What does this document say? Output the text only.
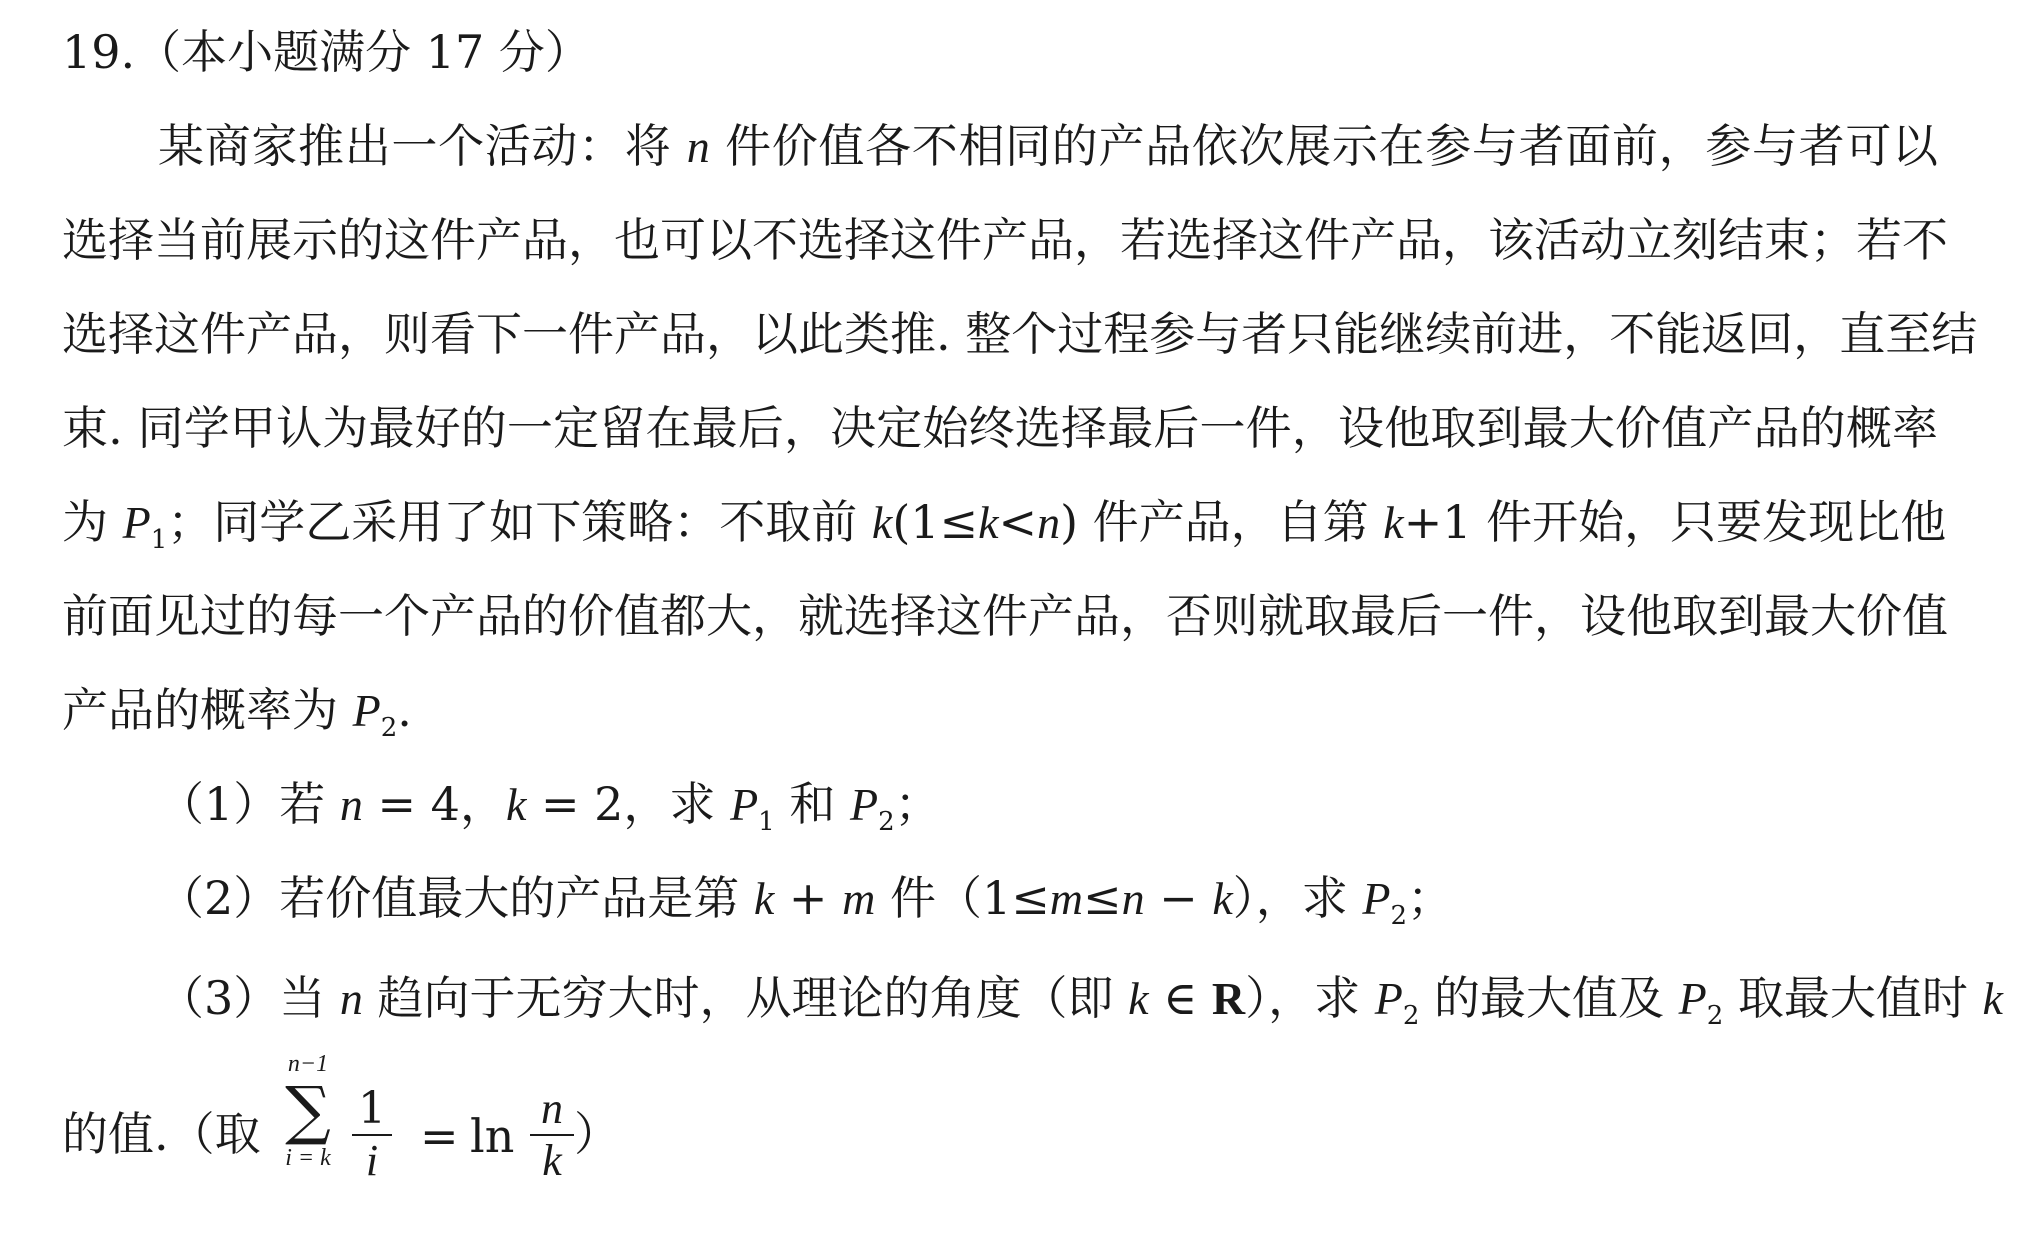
19.（本小题满分 17 分）
某商家推出一个活动：将 n 件价值各不相同的产品依次展示在参与者面前，参与者可以
选择当前展示的这件产品，也可以不选择这件产品，若选择这件产品，该活动立刻结束；若不
选择这件产品，则看下一件产品，以此类推. 整个过程参与者只能继续前进，不能返回，直至结
束. 同学甲认为最好的一定留在最后，决定始终选择最后一件，设他取到最大价值产品的概率
为 $P_1$；同学乙采用了如下策略：不取前 k(1≤k<n) 件产品，自第 k+1 件开始，只要发现比他
前面见过的每一个产品的价值都大，就选择这件产品，否则就取最后一件，设他取到最大价值
产品的概率为 $P_2$.
（1）若 n = 4，k = 2，求 $P_1$ 和 $P_2$；
（2）若价值最大的产品是第 k + m 件（1≤m≤n − k），求 $P_2$；
（3）当 n 趋向于无穷大时，从理论的角度（即 k ∈ R），求 $P_2$ 的最大值及 $P_2$ 取最大值时 k
的值.（取
n−1
∑
i = k
1
i = ln
n
k ）
